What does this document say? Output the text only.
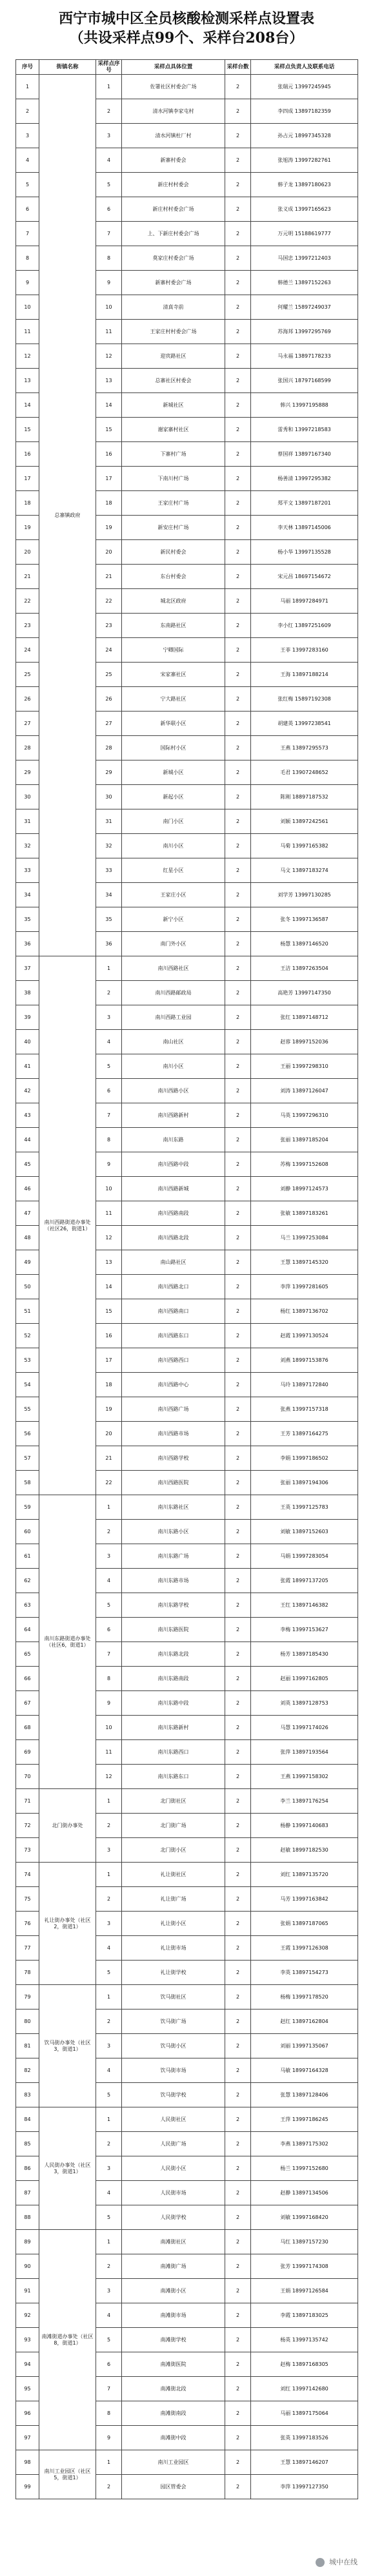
西宁市城中区全员核酸检测采样点设置表
（共设采样点99个、采样台208台）
序号	街镇名称	采样点序号	采样点具体位置	采样台数	采样点负责人及联系电话
1	总寨镇政府	1	佐署社区村委会广场	2	张瑞元 13997245945
2		2	清水河镇李家屯村	2	李四成 13897182359
3		3	清水河镇杜厂村	2	孙占元 18997345328
4		4	新寨村委会	2	张旭涛 13997282761
5		5	新庄村村委会	2	韩子龙 13897180623
6		6	新庄村村委会广场	2	张义成 13997165623
7		7	上、下新庄村委会广场	2	万元明 15188619777
8		8	莫家庄村委会广场	2	马国忠 13997212403
9		9	新寨村委会广场	2	韩德兰 13897152263
10		10	清真寺前	2	何耀兰 15897249037
11		11	王家庄村村委会广场	2	苏海邦 13997295769
12		12	迎宾路社区	2	马永福 13897178233
13		13	总寨社区村委会	2	张国兴 18797168599
14		14	新城社区	2	韩兴 13997195888
15		15	谢家寨村社区	2	雷秀和 13997218583
16		16	下寨村广场	2	蔡国祥 13897167340
17		17	下南川村广场	2	杨善清 13997295382
18		18	王家庄村广场	2	郑平文 13897187201
19		19	新安庄村广场	2	李天林 13897145006
20		20	新民村委会	2	杨小华 13997135528
21		21	东台村委会	2	宋元昌 18697154672
22		22	城北区政府	2	马丽 18997284971
23		23	东南路社区	2	李小红 13897251609
24		24	宁卿国际	2	王菲 13997283160
25		25	宋家寨社区	2	王海 13897188214
26		26	宁大路社区	2	张红梅 15897192308
27		27	新华联小区	2	胡建英 13997238541
28		28	国际村小区	2	王燕 13897295573
29		29	新城小区	2	毛君 13907248652
30		30	新起小区	2	陈刚 18897187532
31		31	南门小区	2	刘颖 13897242561
32		32	南川小区	2	马菊 13997165382
33		33	红星小区	2	马文 13897183274
34		34	王家庄小区	2	刘学芳 13997130285
35		35	新宁小区	2	张冬 13997136587
36		36	南门外小区	2	杨慧 13897146520
37	南川西路街道办事处（社区26，街道1）	1	南川西路社区	2	王洁 13897263504
38		2	南川西路邮政局	2	高艳芳 13997147350
39		3	南川西路工业园	2	张红 13897148712
40		4	南山社区	2	赵蓉 18997152036
41		5	南川小区	2	王丽 13997298310
42		6	南川西路小区	2	刘涛 13897126047
43		7	南川西路新村	2	马英 13997296310
44		8	南川东路	2	张丽 13897185204
45		9	南川西路中段	2	苏梅 13997152608
46		10	南川西路新城	2	刘静 18997124573
47		11	南川西路南段	2	张敏 13897183261
48		12	南川西路北段	2	马兰 13997253084
49		13	南山路社区	2	王慧 13897145320
50		14	南川西路北口	2	李萍 13997281605
51		15	南川西路南口	2	杨红 13897136702
52		16	南川西路东口	2	赵霞 13997130524
53		17	南川西路西口	2	刘燕 18997153876
54		18	南川西路中心	2	马玲 13897172840
55		19	南川西路广场	2	张燕 13997157318
56		20	南川西路市场	2	王芳 13897164275
57		21	南川西路学校	2	李娟 13997186502
58		22	南川西路医院	2	张丽 13897194306
59	南川东路街道办事处（社区6，街道1）	1	南川东路社区	2	王英 13997125783
60		2	南川东路小区	2	刘敏 13897152603
61		3	南川东路广场	2	马娟 13997283054
62		4	南川东路市场	2	张霞 18997137205
63		5	南川东路学校	2	王红 13897146382
64		6	南川东路医院	2	李梅 13997153627
65		7	南川东路北段	2	杨芳 13897185430
66		8	南川东路南段	2	赵丽 13997162805
67		9	南川东路中段	2	刘英 13897128753
68		10	南川东路新村	2	马慧 13997174026
69		11	南川东路西口	2	张萍 13897193564
70		12	南川东路东口	2	王燕 13997158302
71	北门街办事处	1	北门街社区	2	李兰 13897176254
72		2	北门街广场	2	杨静 13997140683
73		3	北门街小区	2	赵敏 18997182530
74	礼让街办事处（社区2，街道1）	1	礼让街社区	2	刘红 13897135720
75		2	礼让街广场	2	马芳 13997163842
76		3	礼让街小区	2	张娟 13897187065
77		4	礼让街市场	2	王霞 13997126308
78		5	礼让街学校	2	李英 13897154273
79	饮马街办事处（社区3，街道1）	1	饮马街社区	2	杨梅 13997178520
80		2	饮马街广场	2	赵红 13897162804
81		3	饮马街小区	2	刘丽 13997135067
82		4	饮马街市场	2	马敏 18997164328
83		5	饮马街学校	2	张慧 13897128406
84	人民街办事处（社区3，街道1）	1	人民街社区	2	王萍 13997186245
85		2	人民街广场	2	李燕 13897175302
86		3	人民街小区	2	杨兰 13997152680
87		4	人民街市场	2	赵静 13897134506
88		5	人民街学校	2	刘敏 13997168420
89	南滩街道办事处（社区8，街道1）	1	南滩街社区	2	马红 13897157230
90		2	南滩街广场	2	张芳 13997174308
91		3	南滩街小区	2	王娟 18997126584
92		4	南滩街市场	2	李霞 13897183025
93		5	南滩街学校	2	杨英 13997135742
94		6	南滩街医院	2	赵梅 13897168305
95		7	南滩街北段	2	刘红 13997142680
96		8	南滩街南段	2	马丽 13897175064
97		9	南滩街中段	2	张英 13997183526
98	南川工业园区（社区5，街道1）	1	南川工业园区	2	王慧 13897146207
99		2	园区管委会	2	李萍 13997127350
城中在线
